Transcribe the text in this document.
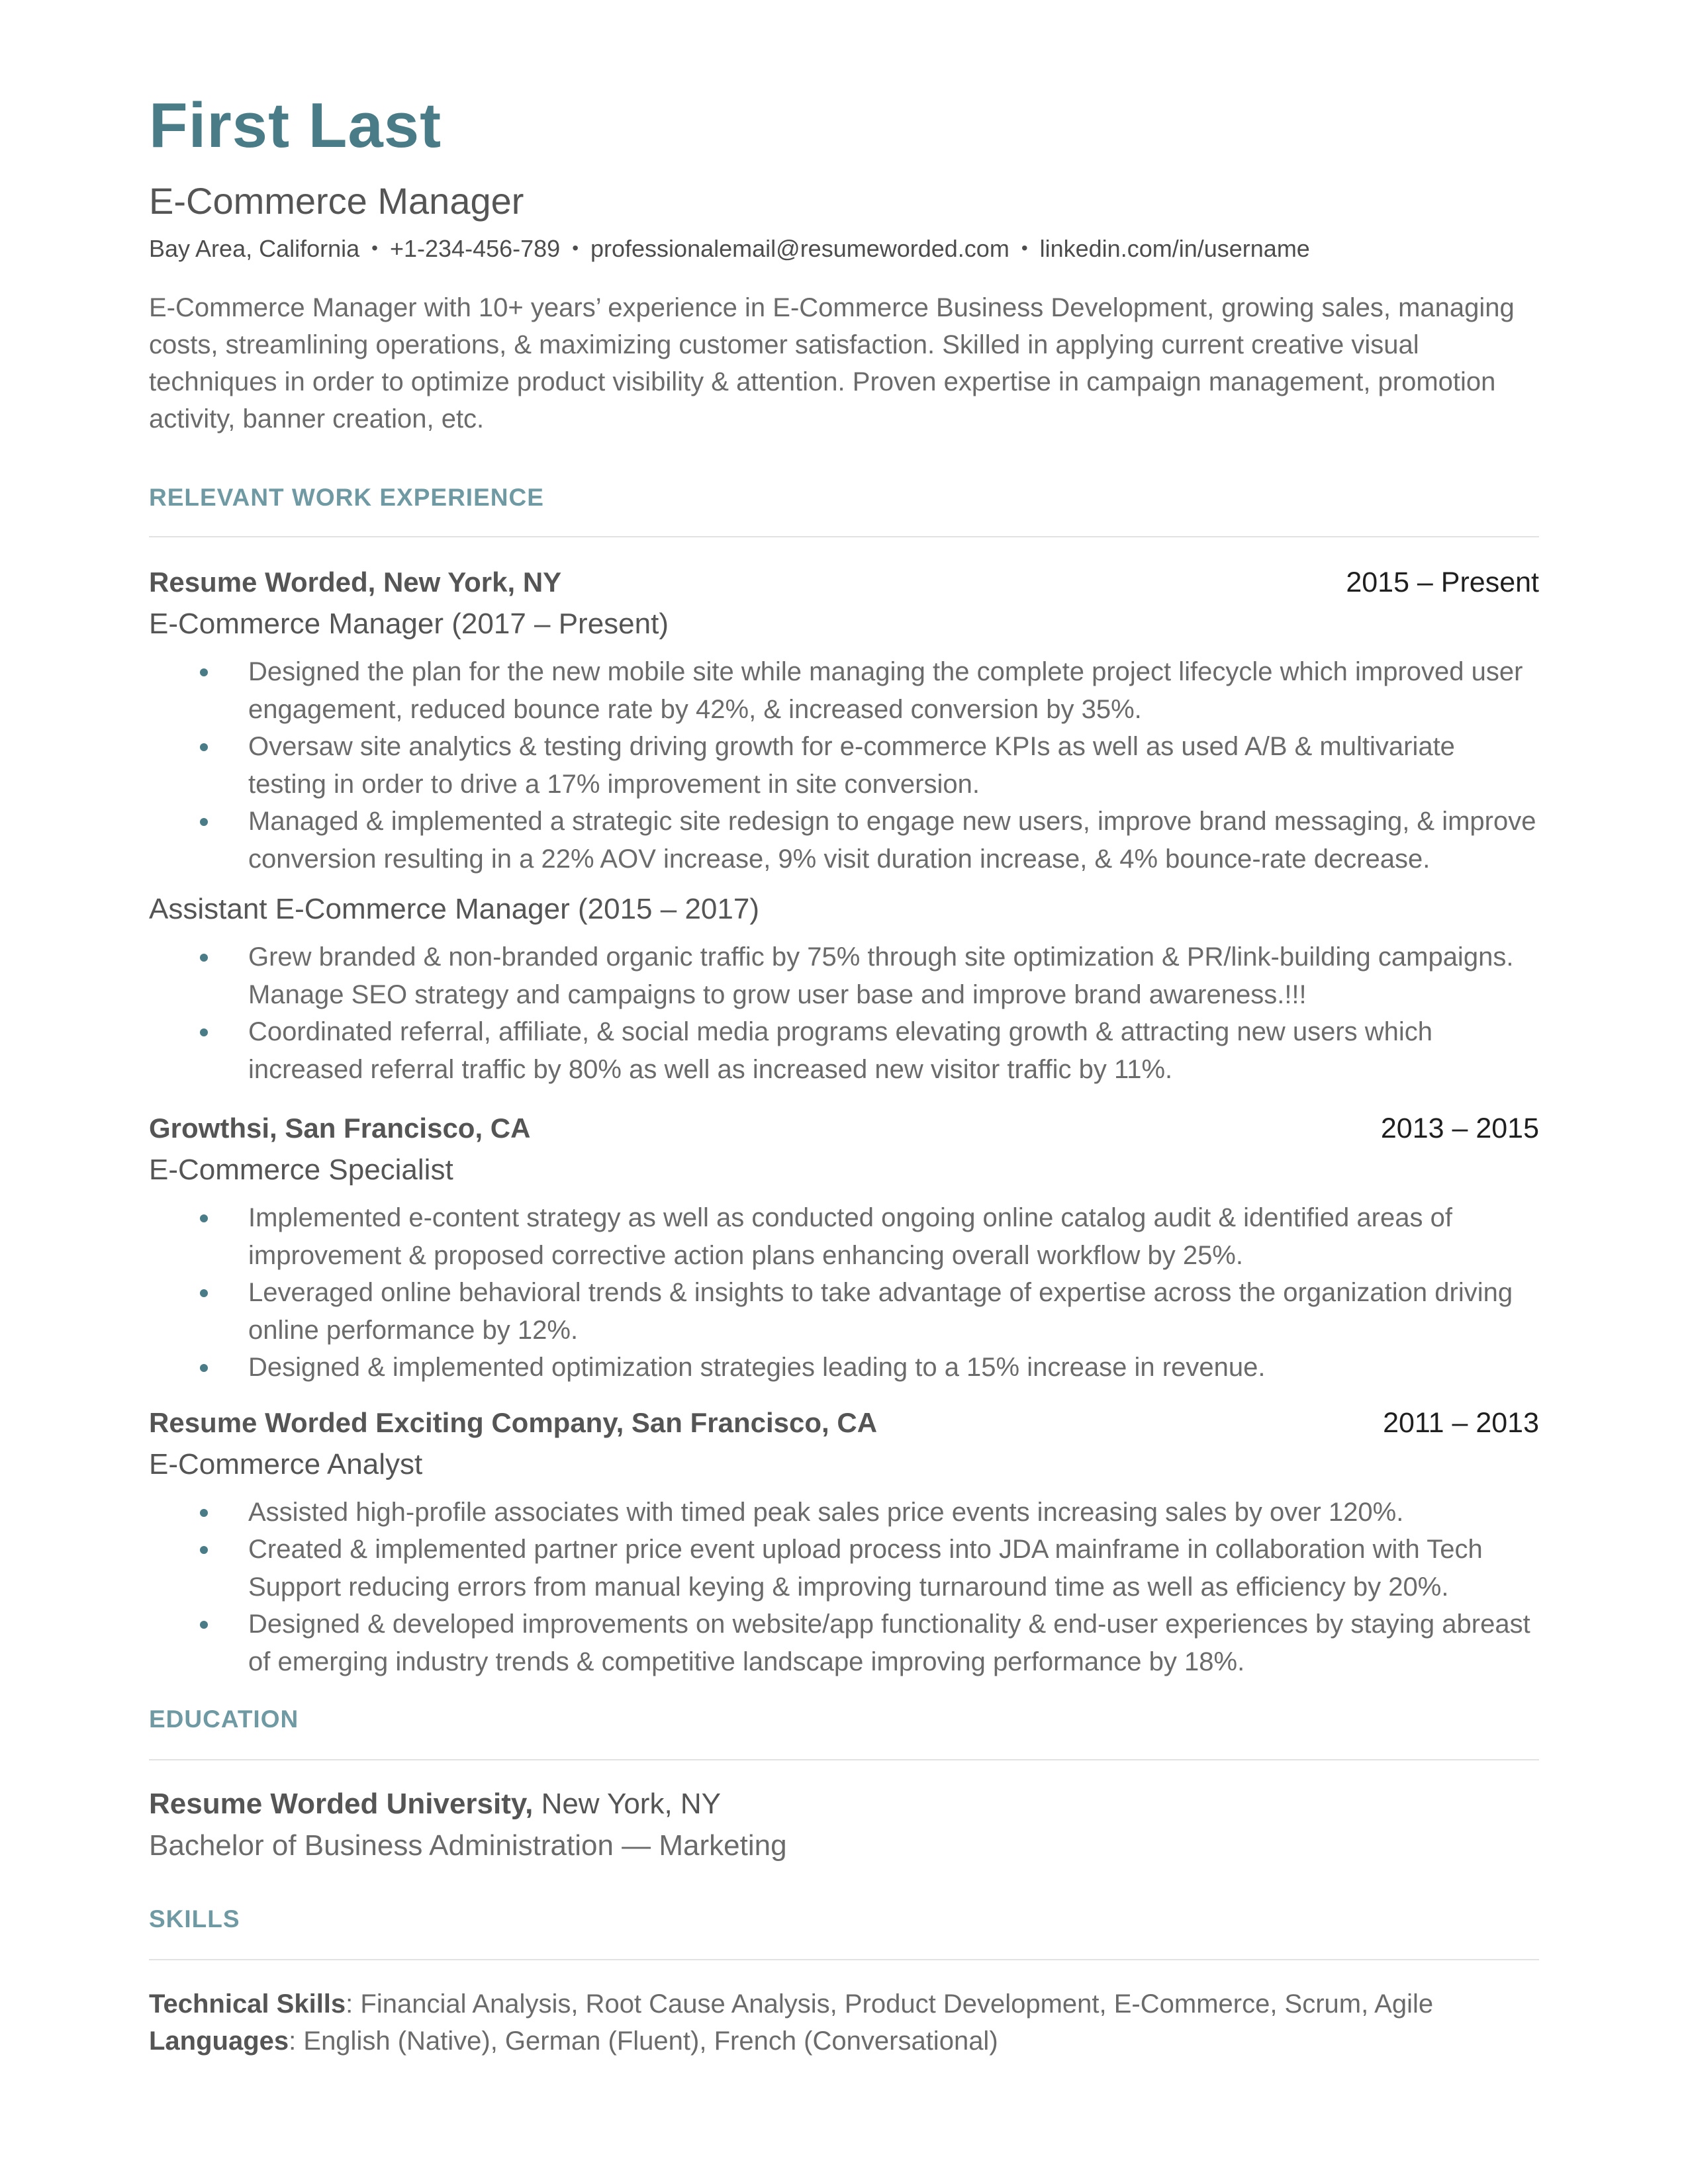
First Last
E-Commerce Manager
Bay Area, California • +1-234-456-789 • professionalemail@resumeworded.com • linkedin.com/in/username
E-Commerce Manager with 10+ years’ experience in E-Commerce Business Development, growing sales, managing costs, streamlining operations, & maximizing customer satisfaction. Skilled in applying current creative visual techniques in order to optimize product visibility & attention. Proven expertise in campaign management, promotion activity, banner creation, etc.
RELEVANT WORK EXPERIENCE
Resume Worded, New York, NY	2015 – Present
E-Commerce Manager (2017 – Present)
Designed the plan for the new mobile site while managing the complete project lifecycle which improved user engagement, reduced bounce rate by 42%, & increased conversion by 35%.
Oversaw site analytics & testing driving growth for e-commerce KPIs as well as used A/B & multivariate testing in order to drive a 17% improvement in site conversion.
Managed & implemented a strategic site redesign to engage new users, improve brand messaging, & improve conversion resulting in a 22% AOV increase, 9% visit duration increase, & 4% bounce-rate decrease.
Assistant E-Commerce Manager (2015 – 2017)
Grew branded & non-branded organic traffic by 75% through site optimization & PR/link-building campaigns. Manage SEO strategy and campaigns to grow user base and improve brand awareness.!!!
Coordinated referral, affiliate, & social media programs elevating growth & attracting new users which increased referral traffic by 80% as well as increased new visitor traffic by 11%.
Growthsi, San Francisco, CA	2013 – 2015
E-Commerce Specialist
Implemented e-content strategy as well as conducted ongoing online catalog audit & identified areas of improvement & proposed corrective action plans enhancing overall workflow by 25%.
Leveraged online behavioral trends & insights to take advantage of expertise across the organization driving online performance by 12%.
Designed & implemented optimization strategies leading to a 15% increase in revenue.
Resume Worded Exciting Company, San Francisco, CA	2011 – 2013
E-Commerce Analyst
Assisted high-profile associates with timed peak sales price events increasing sales by over 120%.
Created & implemented partner price event upload process into JDA mainframe in collaboration with Tech Support reducing errors from manual keying & improving turnaround time as well as efficiency by 20%.
Designed & developed improvements on website/app functionality & end-user experiences by staying abreast of emerging industry trends & competitive landscape improving performance by 18%.
EDUCATION
Resume Worded University, New York, NY
Bachelor of Business Administration — Marketing
SKILLS
Technical Skills: Financial Analysis, Root Cause Analysis, Product Development, E-Commerce, Scrum, Agile
Languages: English (Native), German (Fluent), French (Conversational)
